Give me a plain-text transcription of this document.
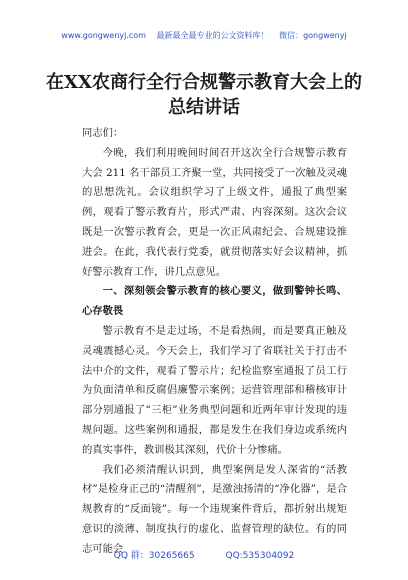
www.gongwenyj.com 最新最全最专业的公文资料库！ 微信：gongwenyj
在XX农商行全行合规警示教育大会上的
总结讲话

同志们：

今晚，我们利用晚间时间召开这次全行合规警示教育大会 211 名干部员工齐聚一堂，共同接受了一次触及灵魂的思想洗礼。会议组织学习了上级文件，通报了典型案例，观看了警示教育片，形式严肃、内容深刻。这次会议既是一次警示教育会，更是一次正风肃纪会、合规建设推进会。在此，我代表行党委，就贯彻落实好会议精神，抓好警示教育工作，讲几点意见。

一、深刻领会警示教育的核心要义，做到警钟长鸣、心存敬畏

警示教育不是走过场，不是看热闹，而是要真正触及灵魂震撼心灵。今天会上，我们学习了省联社关于打击不法中介的文件，观看了警示片；纪检监察室通报了员工行为负面清单和反腐倡廉警示案例；运营管理部和稽核审计部分别通报了“三柜”业务典型问题和近两年审计发现的违规问题。这些案例和通报，都是发生在我们身边或系统内的真实事件，教训极其深刻，代价十分惨痛。

我们必须清醒认识到，典型案例是发人深省的“活教材”是检身正己的“清醒剂”，是激浊扬清的“净化器”，是合规教育的“反面镜”。每一个违规案件背后，都折射出规矩意识的淡薄、制度执行的虚化、监督管理的缺位。有的同志可能会

QQ 群：30265665	QQ:535304092
